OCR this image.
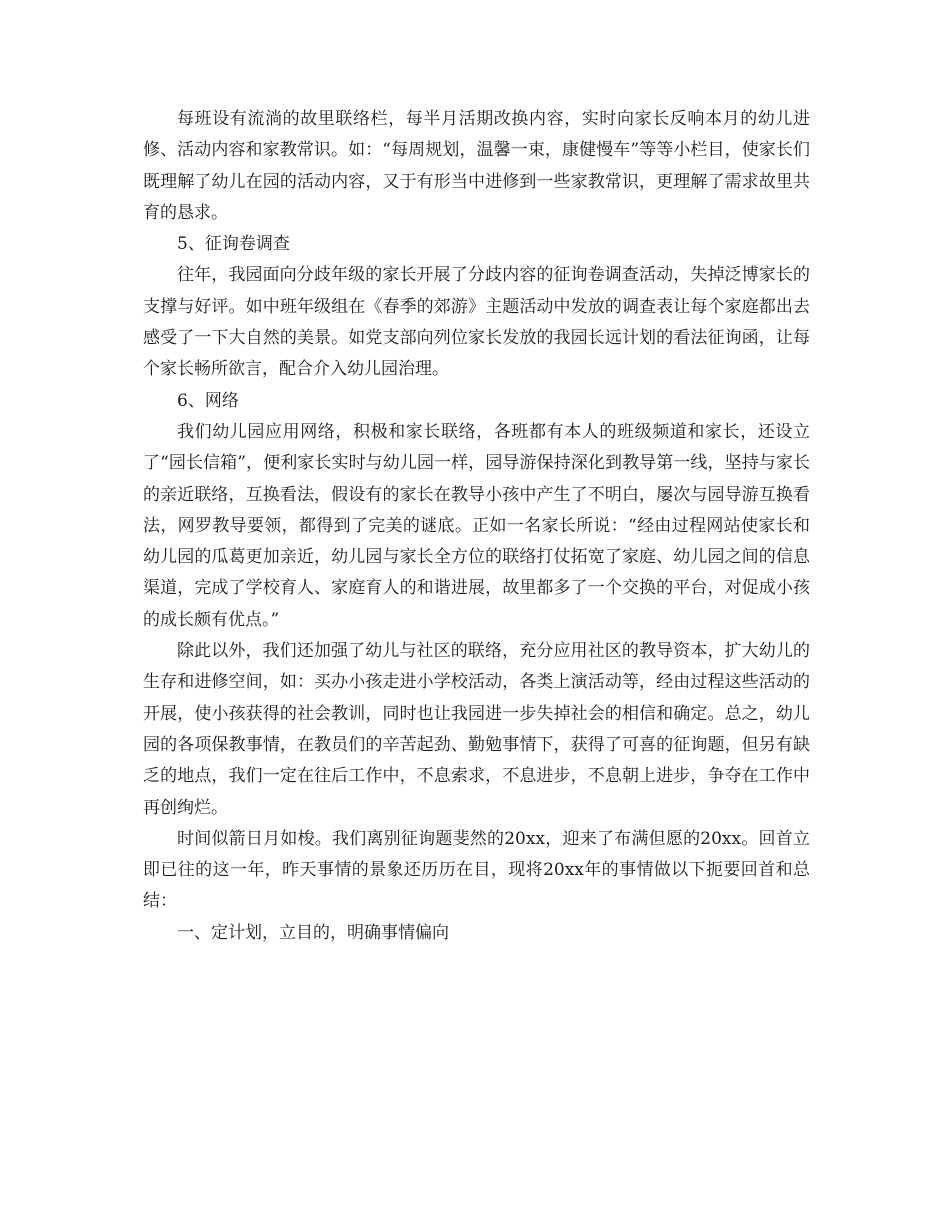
每班设有流淌的故里联络栏，每半月活期改换内容，实时向家长反响本月的幼儿进修、活动内容和家教常识。如：“每周规划，温馨一束，康健慢车”等等小栏目，使家长们既理解了幼儿在园的活动内容，又于有形当中进修到一些家教常识，更理解了需求故里共育的恳求。

5、征询卷调查

往年，我园面向分歧年级的家长开展了分歧内容的征询卷调查活动，失掉泛博家长的支撑与好评。如中班年级组在《春季的郊游》主题活动中发放的调查表让每个家庭都出去感受了一下大自然的美景。如党支部向列位家长发放的我园长远计划的看法征询函，让每个家长畅所欲言，配合介入幼儿园治理。

6、网络

我们幼儿园应用网络，积极和家长联络，各班都有本人的班级频道和家长，还设立了“园长信箱”，便利家长实时与幼儿园一样，园导游保持深化到教导第一线，坚持与家长的亲近联络，互换看法，假设有的家长在教导小孩中产生了不明白，屡次与园导游互换看法，网罗教导要领，都得到了完美的谜底。正如一名家长所说：“经由过程网站使家长和幼儿园的瓜葛更加亲近，幼儿园与家长全方位的联络打仗拓宽了家庭、幼儿园之间的信息渠道，完成了学校育人、家庭育人的和谐进展，故里都多了一个交换的平台，对促成小孩的成长颇有优点。”

除此以外，我们还加强了幼儿与社区的联络，充分应用社区的教导资本，扩大幼儿的生存和进修空间，如：买办小孩走进小学校活动，各类上演活动等，经由过程这些活动的开展，使小孩获得的社会教训，同时也让我园进一步失掉社会的相信和确定。总之，幼儿园的各项保教事情，在教员们的辛苦起劲、勤勉事情下，获得了可喜的征询题，但另有缺乏的地点，我们一定在往后工作中，不息索求，不息进步，不息朝上进步，争夺在工作中再创绚烂。

时间似箭日月如梭。我们离别征询题斐然的20xx，迎来了布满但愿的20xx。回首立即已往的这一年，昨天事情的景象还历历在目，现将20xx年的事情做以下扼要回首和总结：

一、定计划，立目的，明确事情偏向
